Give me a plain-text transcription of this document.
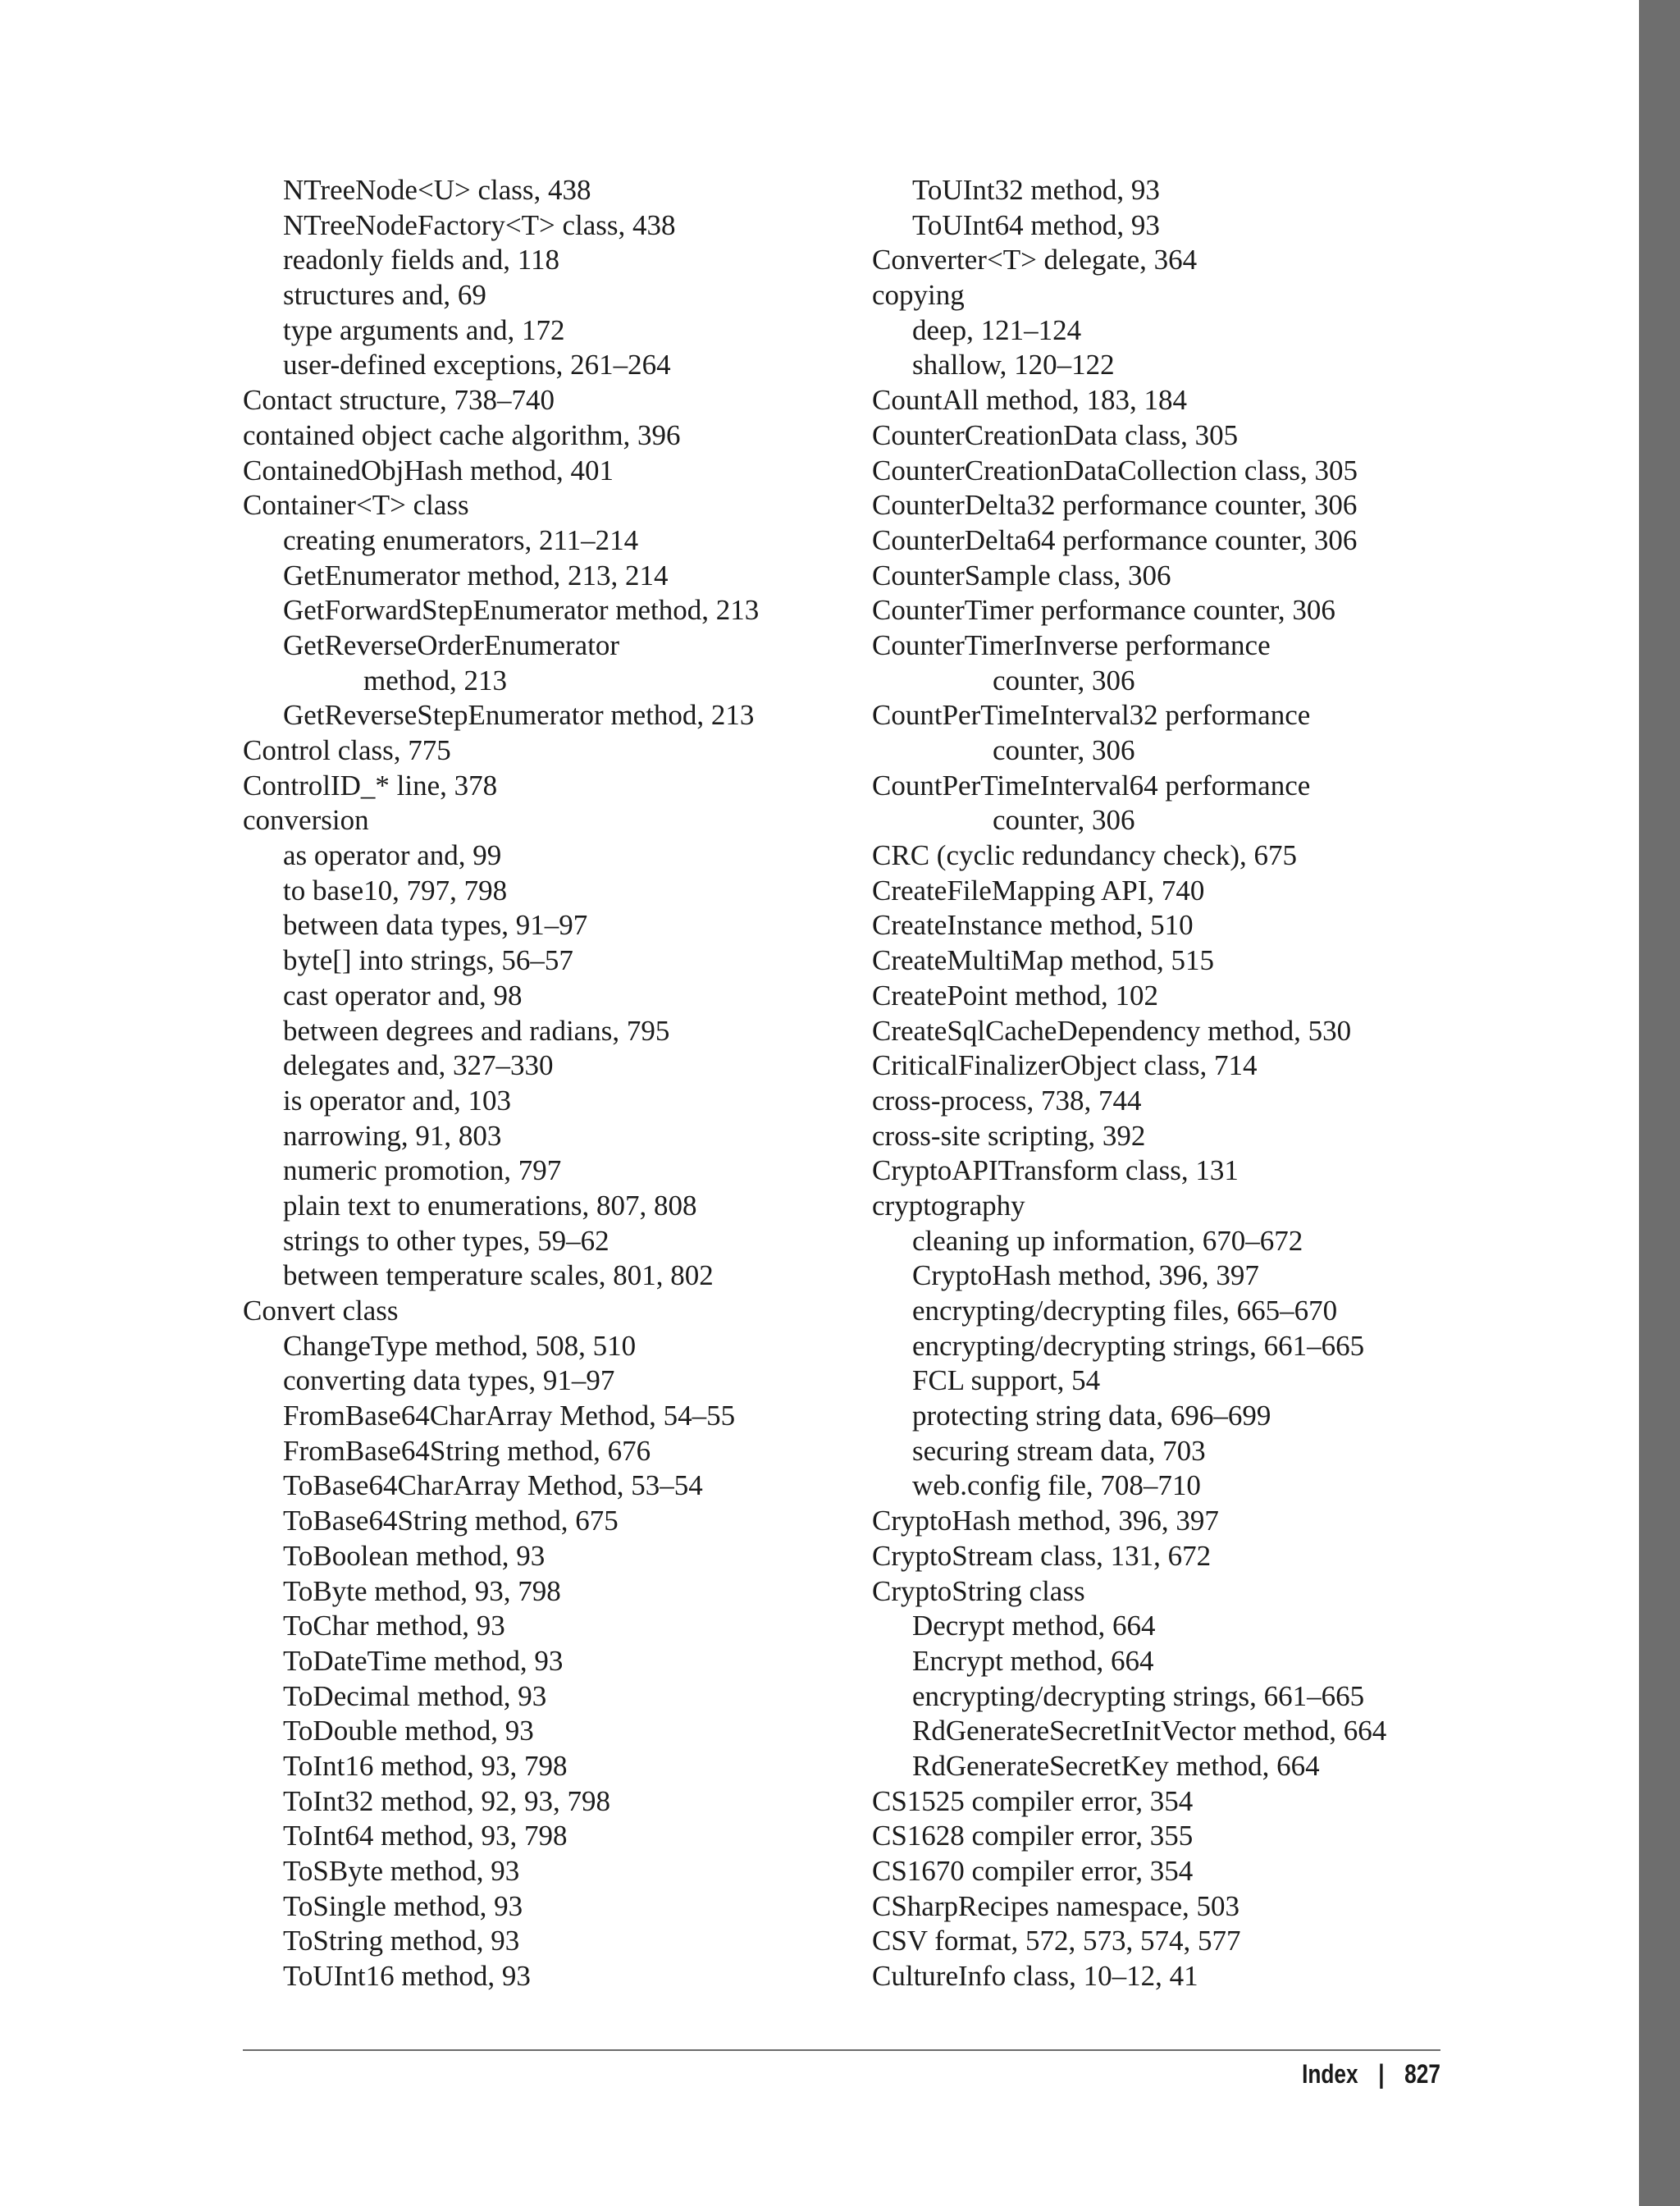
NTreeNode<U> class, 438
NTreeNodeFactory<T> class, 438
readonly fields and, 118
structures and, 69
type arguments and, 172
user-defined exceptions, 261–264
Contact structure, 738–740
contained object cache algorithm, 396
ContainedObjHash method, 401
Container<T> class
creating enumerators, 211–214
GetEnumerator method, 213, 214
GetForwardStepEnumerator method, 213
GetReverseOrderEnumerator
method, 213
GetReverseStepEnumerator method, 213
Control class, 775
ControlID_* line, 378
conversion
as operator and, 99
to base10, 797, 798
between data types, 91–97
byte[] into strings, 56–57
cast operator and, 98
between degrees and radians, 795
delegates and, 327–330
is operator and, 103
narrowing, 91, 803
numeric promotion, 797
plain text to enumerations, 807, 808
strings to other types, 59–62
between temperature scales, 801, 802
Convert class
ChangeType method, 508, 510
converting data types, 91–97
FromBase64CharArray Method, 54–55
FromBase64String method, 676
ToBase64CharArray Method, 53–54
ToBase64String method, 675
ToBoolean method, 93
ToByte method, 93, 798
ToChar method, 93
ToDateTime method, 93
ToDecimal method, 93
ToDouble method, 93
ToInt16 method, 93, 798
ToInt32 method, 92, 93, 798
ToInt64 method, 93, 798
ToSByte method, 93
ToSingle method, 93
ToString method, 93
ToUInt16 method, 93
ToUInt32 method, 93
ToUInt64 method, 93
Converter<T> delegate, 364
copying
deep, 121–124
shallow, 120–122
CountAll method, 183, 184
CounterCreationData class, 305
CounterCreationDataCollection class, 305
CounterDelta32 performance counter, 306
CounterDelta64 performance counter, 306
CounterSample class, 306
CounterTimer performance counter, 306
CounterTimerInverse performance
counter, 306
CountPerTimeInterval32 performance
counter, 306
CountPerTimeInterval64 performance
counter, 306
CRC (cyclic redundancy check), 675
CreateFileMapping API, 740
CreateInstance method, 510
CreateMultiMap method, 515
CreatePoint method, 102
CreateSqlCacheDependency method, 530
CriticalFinalizerObject class, 714
cross-process, 738, 744
cross-site scripting, 392
CryptoAPITransform class, 131
cryptography
cleaning up information, 670–672
CryptoHash method, 396, 397
encrypting/decrypting files, 665–670
encrypting/decrypting strings, 661–665
FCL support, 54
protecting string data, 696–699
securing stream data, 703
web.config file, 708–710
CryptoHash method, 396, 397
CryptoStream class, 131, 672
CryptoString class
Decrypt method, 664
Encrypt method, 664
encrypting/decrypting strings, 661–665
RdGenerateSecretInitVector method, 664
RdGenerateSecretKey method, 664
CS1525 compiler error, 354
CS1628 compiler error, 355
CS1670 compiler error, 354
CSharpRecipes namespace, 503
CSV format, 572, 573, 574, 577
CultureInfo class, 10–12, 41
Index | 827
